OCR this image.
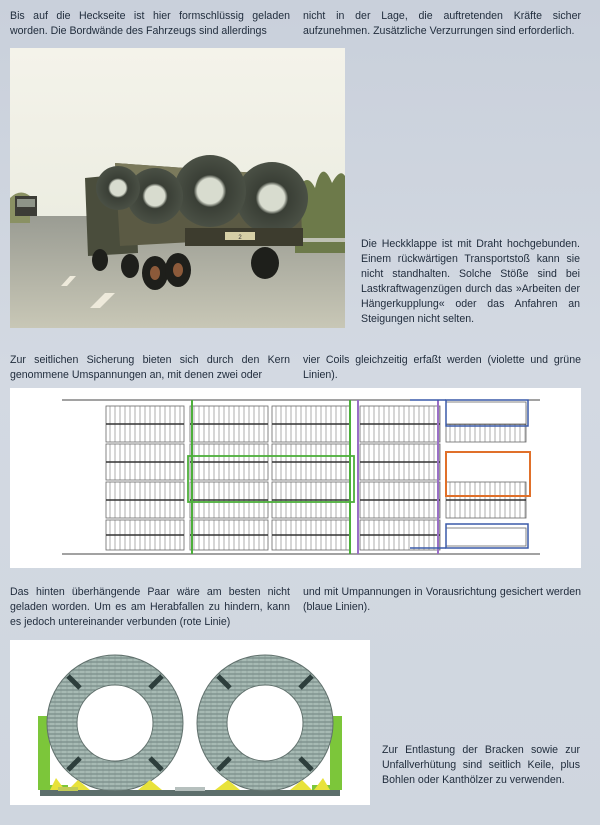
Bis auf die Heckseite ist hier formschlüssig geladen worden. Die Bordwände des Fahrzeugs sind allerdings
nicht in der Lage, die auftretenden Kräfte sicher aufzunehmen. Zusätzliche Verzurrungen sind erforderlich.
2	Die Heckklappe ist mit Draht hochgebunden. Einem rückwärtigen Transportstoß kann sie nicht standhalten. Solche Stöße sind bei Lastkraftwagenzügen durch das »Arbeiten der Hängerkupplung« oder das Anfahren an Steigungen nicht selten.
Zur seitlichen Sicherung bieten sich durch den Kern genommene Umspannungen an, mit denen zwei oder
vier Coils gleichzeitig erfaßt werden (violette und grüne Linien).
Das hinten überhängende Paar wäre am besten nicht geladen worden. Um es am Herabfallen zu hindern, kann es jedoch untereinander verbunden (rote Linie)
und mit Umpannungen in Vorausrichtung gesichert werden (blaue Linien).
Zur Entlastung der Bracken sowie zur Unfallverhütung sind seitlich Keile, plus Bohlen oder Kanthölzer zu verwenden.
